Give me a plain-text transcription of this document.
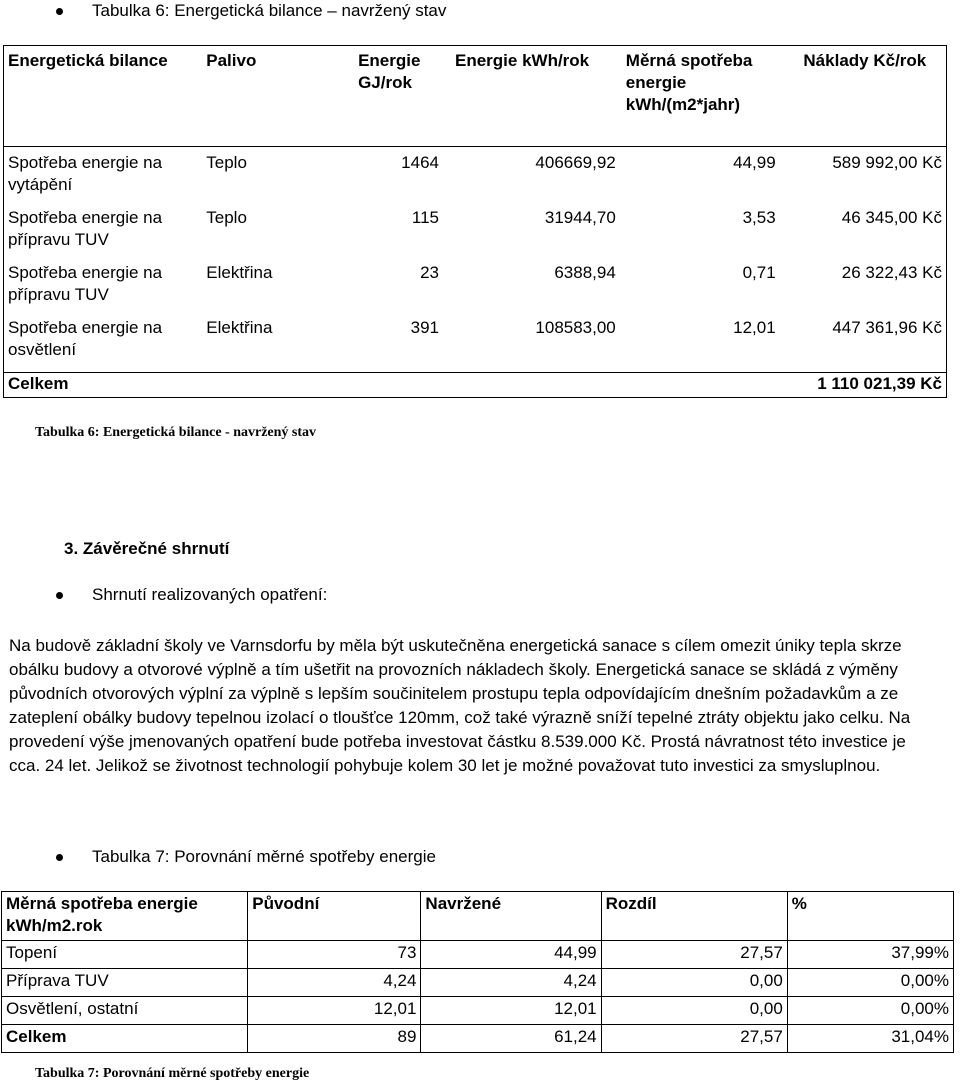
Tabulka 6: Energetická bilance – navržený stav
Energetická bilance	Palivo	Energie GJ/rok	Energie kWh/rok	Měrná spotřeba energie kWh/(m2*jahr)	Náklady Kč/rok

Spotřeba energie na vytápění	Teplo	1464	406669,92	44,99	589 992,00 Kč
Spotřeba energie na přípravu TUV	Teplo	115	31944,70	3,53	46 345,00 Kč
Spotřeba energie na přípravu TUV	Elektřina	23	6388,94	0,71	26 322,43 Kč
Spotřeba energie na osvětlení	Elektřina	391	108583,00	12,01	447 361,96 Kč
Celkem					1 110 021,39 Kč
Tabulka 6: Energetická bilance - navržený stav
3. Závěrečné shrnutí
Shrnutí realizovaných opatření:
Na budově základní školy ve Varnsdorfu by měla být uskutečněna energetická sanace s cílem omezit úniky tepla skrze obálku budovy a otvorové výplně a tím ušetřit na provozních nákladech školy. Energetická sanace se skládá z výměny původních otvorových výplní za výplně s lepším součinitelem prostupu tepla odpovídajícím dnešním požadavkům a ze zateplení obálky budovy tepelnou izolací o tloušťce 120mm, což také výrazně sníží tepelné ztráty objektu jako celku. Na provedení výše jmenovaných opatření bude potřeba investovat částku 8.539.000 Kč. Prostá návratnost této investice je cca. 24 let. Jelikož se životnost technologií pohybuje kolem 30 let je možné považovat tuto investici za smysluplnou.
Tabulka 7: Porovnání měrné spotřeby energie
Měrná spotřeba energie kWh/m2.rok	Původní	Navržené	Rozdíl	%
Topení	73	44,99	27,57	37,99%
Příprava TUV	4,24	4,24	0,00	0,00%
Osvětlení, ostatní	12,01	12,01	0,00	0,00%
Celkem	89	61,24	27,57	31,04%
Tabulka 7: Porovnání měrné spotřeby energie
